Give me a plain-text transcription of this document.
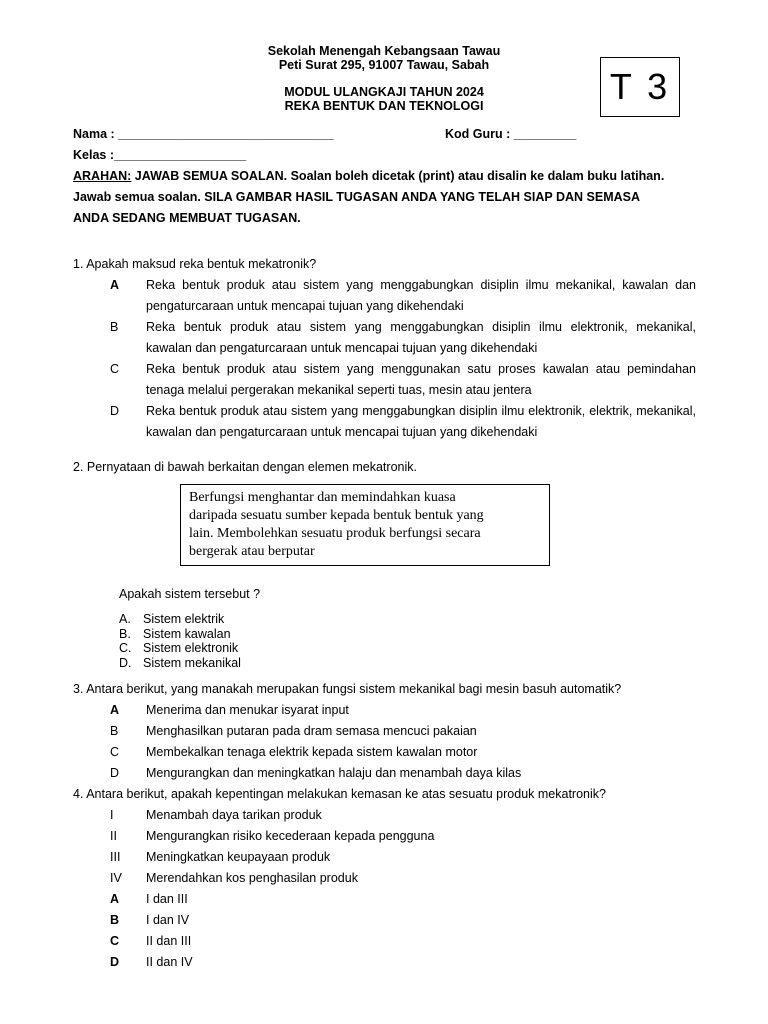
Sekolah Menengah Kebangsaan Tawau
Peti Surat 295, 91007 Tawau, Sabah
MODUL ULANGKAJI TAHUN 2024
REKA BENTUK DAN TEKNOLOGI	T 3
Nama : _______________________________	Kod Guru : _________
Kelas :___________________
ARAHAN: JAWAB SEMUA SOALAN. Soalan boleh dicetak (print) atau disalin ke dalam buku latihan.
Jawab semua soalan. SILA GAMBAR HASIL TUGASAN ANDA YANG TELAH SIAP DAN SEMASA
ANDA SEDANG MEMBUAT TUGASAN.
1. Apakah maksud reka bentuk mekatronik?
A	Reka bentuk produk atau sistem yang menggabungkan disiplin ilmu mekanikal, kawalan dan
pengaturcaraan untuk mencapai tujuan yang dikehendaki
B	Reka bentuk produk atau sistem yang menggabungkan disiplin ilmu elektronik, mekanikal,
kawalan dan pengaturcaraan untuk mencapai tujuan yang dikehendaki
C	Reka bentuk produk atau sistem yang menggunakan satu proses kawalan atau pemindahan
tenaga melalui pergerakan mekanikal seperti tuas, mesin atau jentera
D	Reka bentuk produk atau sistem yang menggabungkan disiplin ilmu elektronik, elektrik, mekanikal,
kawalan dan pengaturcaraan untuk mencapai tujuan yang dikehendaki
2. Pernyataan di bawah berkaitan dengan elemen mekatronik.
Berfungsi menghantar dan memindahkan kuasa
daripada sesuatu sumber kepada bentuk bentuk yang
lain. Membolehkan sesuatu produk berfungsi secara
bergerak atau berputar
Apakah sistem tersebut ?
A. Sistem elektrik
B. Sistem kawalan
C. Sistem elektronik
D. Sistem mekanikal
3. Antara berikut, yang manakah merupakan fungsi sistem mekanikal bagi mesin basuh automatik?
A	Menerima dan menukar isyarat input
B	Menghasilkan putaran pada dram semasa mencuci pakaian
C	Membekalkan tenaga elektrik kepada sistem kawalan motor
D	Mengurangkan dan meningkatkan halaju dan menambah daya kilas
4. Antara berikut, apakah kepentingan melakukan kemasan ke atas sesuatu produk mekatronik?
I	Menambah daya tarikan produk
II	Mengurangkan risiko kecederaan kepada pengguna
III	Meningkatkan keupayaan produk
IV	Merendahkan kos penghasilan produk
A	I dan III
B	I dan IV
C	II dan III
D	II dan IV
